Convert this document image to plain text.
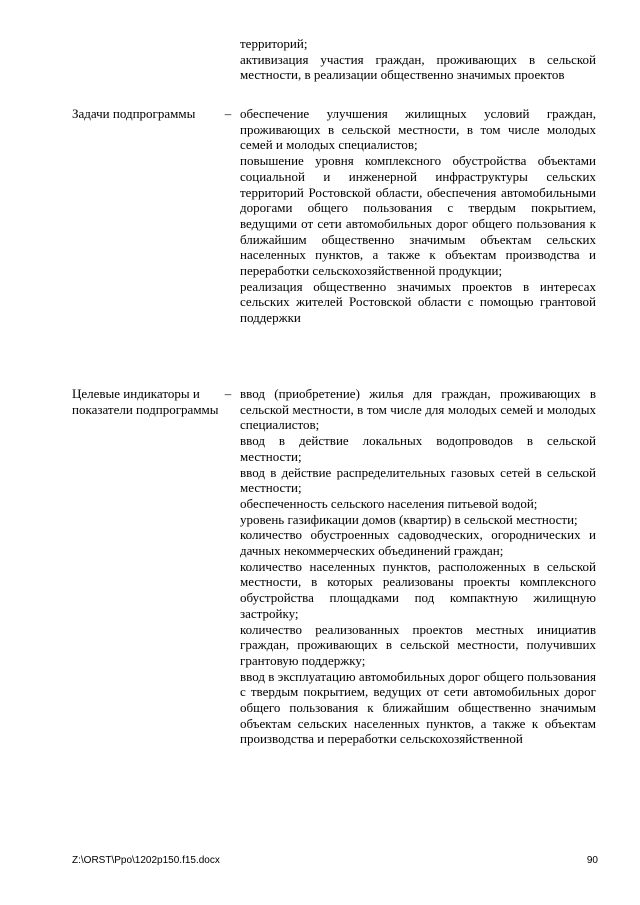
территорий;

активизация участия граждан, проживающих в сельской местности, в реализации общественно значимых проектов

Задачи подпрограммы	– обеспечение улучшения жилищных условий граждан, проживающих в сельской местности, в том числе молодых семей и молодых специалистов;

повышение уровня комплексного обустройства объектами социальной и инженерной инфраструктуры сельских территорий Ростовской области, обеспечения автомобильными дорогами общего пользования с твердым покрытием, ведущими от сети автомобильных дорог общего пользования к ближайшим общественно значимым объектам сельских населенных пунктов, а также к объектам производства и переработки сельскохозяйственной продукции;

реализация общественно значимых проектов в интересах сельских жителей Ростовской области с помощью грантовой поддержки

Целевые индикаторы и показатели подпрограммы
– ввод (приобретение) жилья для граждан, проживающих в сельской местности, в том числе для молодых семей и молодых специалистов;

ввод в действие локальных водопроводов в сельской местности;

ввод в действие распределительных газовых сетей в сельской местности;

обеспеченность сельского населения питьевой водой;

уровень газификации домов (квартир) в сельской местности;

количество обустроенных садоводческих, огороднических и дачных некоммерческих объединений граждан;

количество населенных пунктов, расположенных в сельской местности, в которых реализованы проекты комплексного обустройства площадками под компактную жилищную застройку;

количество реализованных проектов местных инициатив граждан, проживающих в сельской местности, получивших грантовую поддержку;

ввод в эксплуатацию автомобильных дорог общего пользования с твердым покрытием, ведущих от сети автомобильных дорог общего пользования к ближайшим общественно значимым объектам сельских населенных пунктов, а также к объектам производства и переработки сельскохозяйственной

Z:\ORST\Ppo\1202p150.f15.docx	90
